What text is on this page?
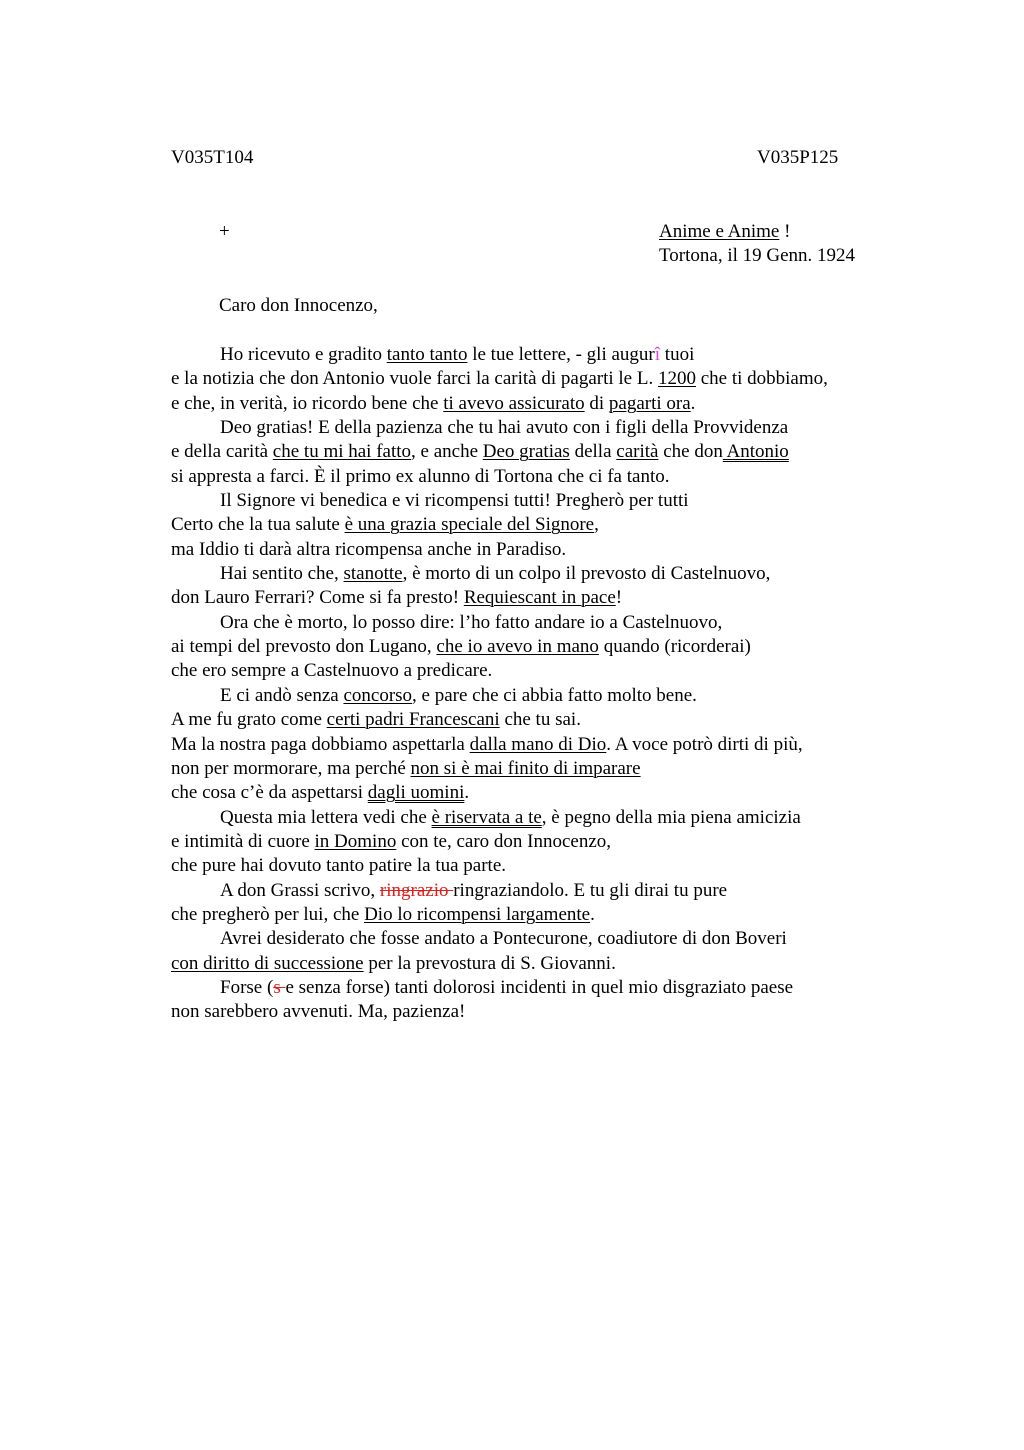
V035T104	V035P125
+	Anime e Anime !
Tortona, il 19 Genn. 1924
Caro don Innocenzo,
Ho ricevuto e gradito tanto tanto le tue lettere, - gli augurî tuoi
e la notizia che don Antonio vuole farci la carità di pagarti le L. 1200 che ti dobbiamo,
e che, in verità, io ricordo bene che ti avevo assicurato di pagarti ora.
Deo gratias! E della pazienza che tu hai avuto con i figli della Provvidenza
e della carità che tu mi hai fatto, e anche Deo gratias della carità che don Antonio
si appresta a farci. È il primo ex alunno di Tortona che ci fa tanto.
Il Signore vi benedica e vi ricompensi tutti! Pregherò per tutti
Certo che la tua salute è una grazia speciale del Signore,
ma Iddio ti darà altra ricompensa anche in Paradiso.
Hai sentito che, stanotte, è morto di un colpo il prevosto di Castelnuovo,
don Lauro Ferrari? Come si fa presto! Requiescant in pace!
Ora che è morto, lo posso dire: l’ho fatto andare io a Castelnuovo,
ai tempi del prevosto don Lugano, che io avevo in mano quando (ricorderai)
che ero sempre a Castelnuovo a predicare.
E ci andò senza concorso, e pare che ci abbia fatto molto bene.
A me fu grato come certi padri Francescani che tu sai.
Ma la nostra paga dobbiamo aspettarla dalla mano di Dio. A voce potrò dirti di più,
non per mormorare, ma perché non si è mai finito di imparare
che cosa c’è da aspettarsi dagli uomini.
Questa mia lettera vedi che è riservata a te, è pegno della mia piena amicizia
e intimità di cuore in Domino con te, caro don Innocenzo,
che pure hai dovuto tanto patire la tua parte.
A don Grassi scrivo, ringrazio ringraziandolo. E tu gli dirai tu pure
che pregherò per lui, che Dio lo ricompensi largamente.
Avrei desiderato che fosse andato a Pontecurone, coadiutore di don Boveri
con diritto di successione per la prevostura di S. Giovanni.
Forse (s e senza forse) tanti dolorosi incidenti in quel mio disgraziato paese
non sarebbero avvenuti. Ma, pazienza!
